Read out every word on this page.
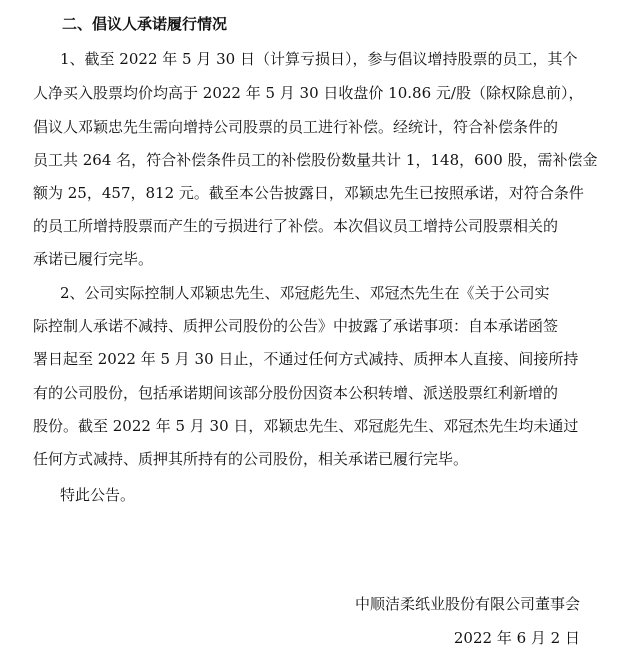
二、倡议人承诺履行情况
1、截至 2022 年 5 月 30 日（计算亏损日），参与倡议增持股票的员工，其个
人净买入股票均价均高于 2022 年 5 月 30 日收盘价 10.86 元/股（除权除息前），
倡议人邓颖忠先生需向增持公司股票的员工进行补偿。经统计，符合补偿条件的
员工共 264 名，符合补偿条件员工的补偿股份数量共计 1，148，600 股，需补偿金
额为 25，457，812 元。截至本公告披露日，邓颖忠先生已按照承诺，对符合条件
的员工所增持股票而产生的亏损进行了补偿。本次倡议员工增持公司股票相关的
承诺已履行完毕。
2、公司实际控制人邓颖忠先生、邓冠彪先生、邓冠杰先生在《关于公司实
际控制人承诺不减持、质押公司股份的公告》中披露了承诺事项：自本承诺函签
署日起至 2022 年 5 月 30 日止，不通过任何方式减持、质押本人直接、间接所持
有的公司股份，包括承诺期间该部分股份因资本公积转增、派送股票红利新增的
股份。截至 2022 年 5 月 30 日，邓颖忠先生、邓冠彪先生、邓冠杰先生均未通过
任何方式减持、质押其所持有的公司股份，相关承诺已履行完毕。
特此公告。
中顺洁柔纸业股份有限公司董事会
2022 年 6 月 2 日
